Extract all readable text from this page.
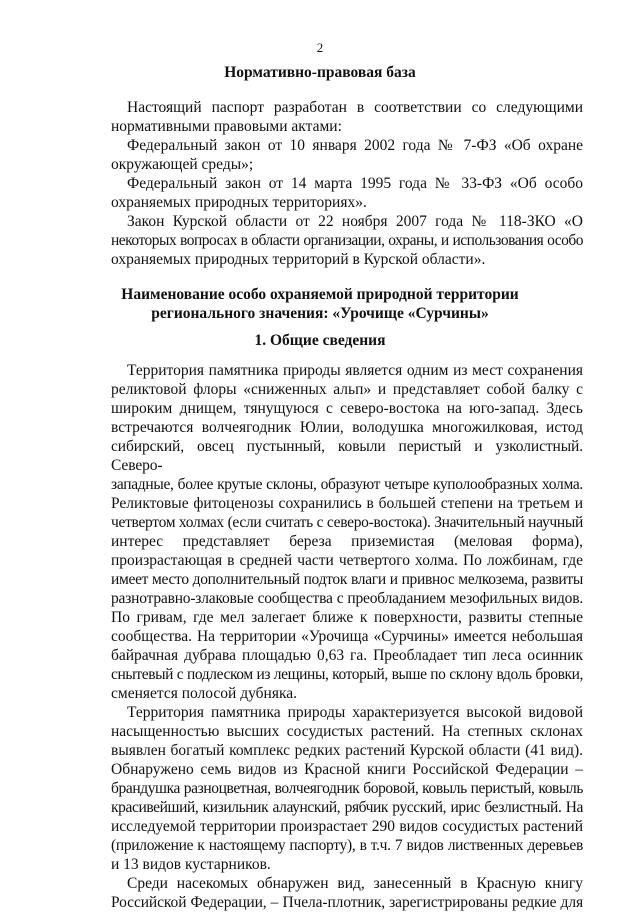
2
Нормативно-правовая база
Настоящий паспорт разработан в соответствии со следующими
нормативными правовыми актами:
Федеральный закон от 10 января 2002 года № 7-ФЗ «Об охране
окружающей среды»;
Федеральный закон от 14 марта 1995 года № 33-ФЗ «Об особо
охраняемых природных территориях».
Закон Курской области от 22 ноября 2007 года № 118-ЗКО «О
некоторых вопросах в области организации, охраны, и использования особо
охраняемых природных территорий в Курской области».
Наименование особо охраняемой природной территории
регионального значения: «Урочище «Сурчины»
1. Общие сведения
Территория памятника природы является одним из мест сохранения
реликтовой флоры «сниженных альп» и представляет собой балку с
широким днищем, тянущуюся с северо-востока на юго-запад. Здесь
встречаются волчеягодник Юлии, володушка многожилковая, истод
сибирский, овсец пустынный, ковыли перистый и узколистный. Северо-
западные, более крутые склоны, образуют четыре куполообразных холма.
Реликтовые фитоценозы сохранились в большей степени на третьем и
четвертом холмах (если считать с северо-востока). Значительный научный
интерес представляет береза приземистая (меловая форма),
произрастающая в средней части четвертого холма. По ложбинам, где
имеет место дополнительный подток влаги и привнос мелкозема, развиты
разнотравно-злаковые сообщества с преобладанием мезофильных видов.
По гривам, где мел залегает ближе к поверхности, развиты степные
сообщества. На территории «Урочища «Сурчины» имеется небольшая
байрачная дубрава площадью 0,63 га. Преобладает тип леса осинник
снытевый с подлеском из лещины, который, выше по склону вдоль бровки,
сменяется полосой дубняка.
Территория памятника природы характеризуется высокой видовой
насыщенностью высших сосудистых растений. На степных склонах
выявлен богатый комплекс редких растений Курской области (41 вид).
Обнаружено семь видов из Красной книги Российской Федерации –
брандушка разноцветная, волчеягодник боровой, ковыль перистый, ковыль
красивейший, кизильник алаунский, рябчик русский, ирис безлистный. На
исследуемой территории произрастает 290 видов сосудистых растений
(приложение к настоящему паспорту), в т.ч. 7 видов лиственных деревьев
и 13 видов кустарников.
Среди насекомых обнаружен вид, занесенный в Красную книгу
Российской Федерации, – Пчела-плотник, зарегистрированы редкие для
